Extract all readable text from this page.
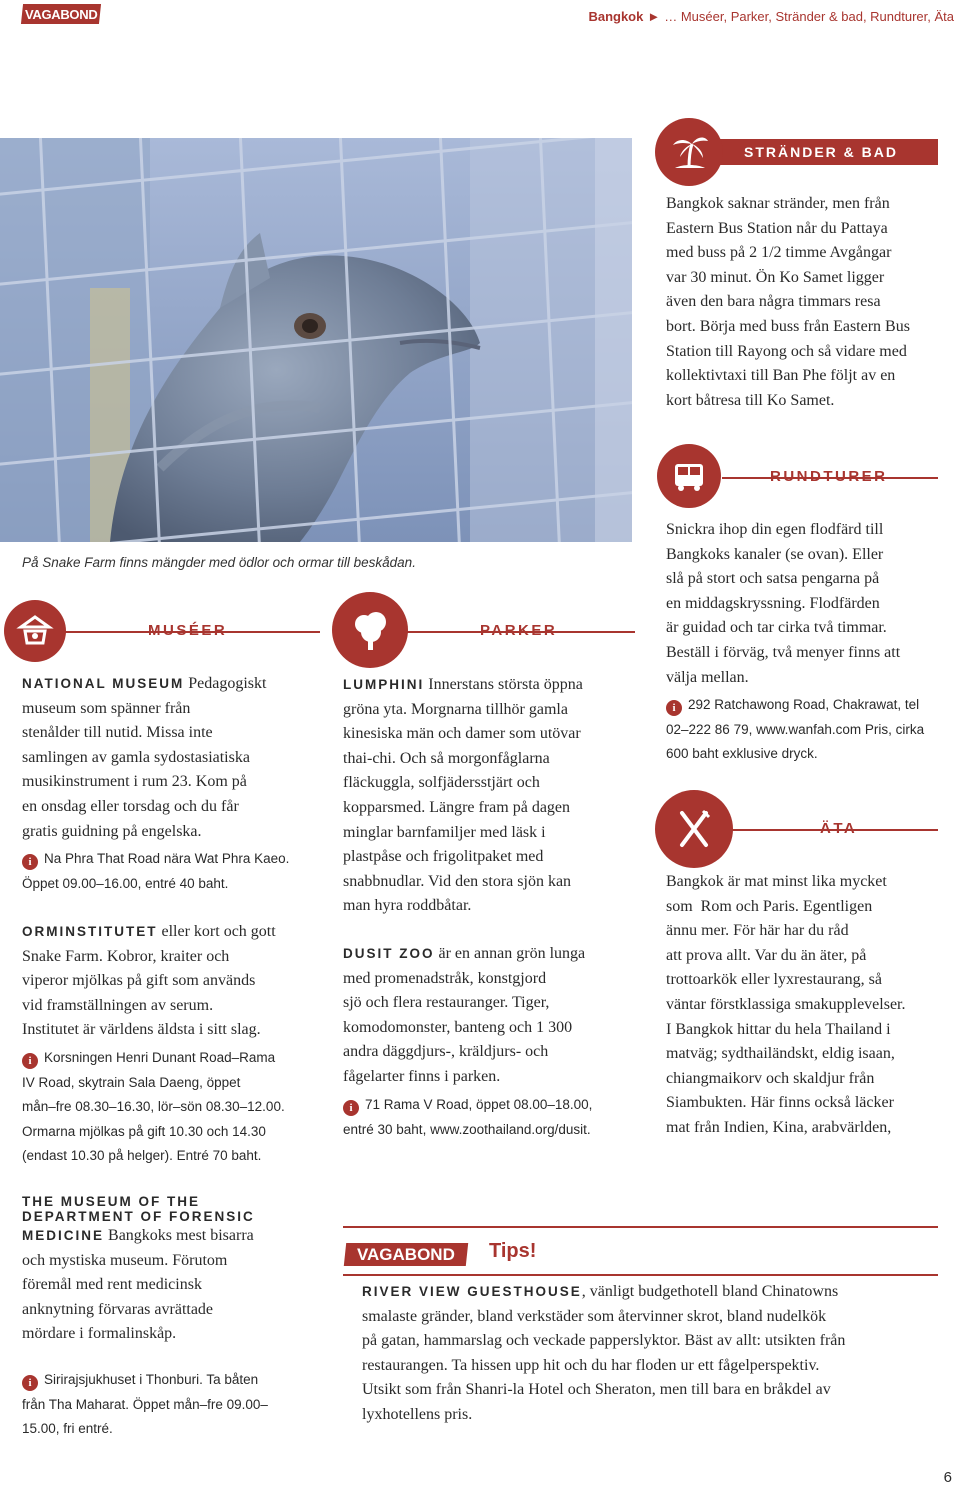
VAGABOND	Bangkok ► … Muséer, Parker, Stränder & bad, Rundturer, Äta
På Snake Farm finns mängder med ödlor och ormar till beskådan.
STRÄNDER & BAD
Bangkok saknar stränder, men från
Eastern Bus Station når du Pattaya
med buss på 2 1/2 timme Avgångar
var 30 minut. Ön Ko Samet ligger
även den bara några timmars resa
bort. Börja med buss från Eastern Bus
Station till Rayong och så vidare med
kollektivtaxi till Ban Phe följt av en
kort båtresa till Ko Samet.
RUNDTURER
Snickra ihop din egen flodfärd till
Bangkoks kanaler (se ovan). Eller
slå på stort och satsa pengarna på
en middagskryssning. Flodfärden
är guidad och tar cirka två timmar.
Beställ i förväg, två menyer finns att
välja mellan.
i 292 Ratchawong Road, Chakrawat, tel
02–222 86 79, www.wanfah.com Pris, cirka
600 baht exklusive dryck.
ÄTA
Bangkok är mat minst lika mycket
som  Rom och Paris. Egentligen
ännu mer. För här har du råd
att prova allt. Var du än äter, på
trottoarkök eller lyxrestaurang, så
väntar förstklassiga smakupplevelser.
I Bangkok hittar du hela Thailand i
matväg; sydthailändskt, eldig isaan,
chiangmaikorv och skaldjur från
Siambukten. Här finns också läcker
mat från Indien, Kina, arabvärlden,
MUSÉER
NATIONAL MUSEUM Pedagogiskt
museum som spänner från
stenålder till nutid. Missa inte
samlingen av gamla sydostasiatiska
musikinstrument i rum 23. Kom på
en onsdag eller torsdag och du får
gratis guidning på engelska.
i Na Phra That Road nära Wat Phra Kaeo.
Öppet 09.00–16.00, entré 40 baht.
ORMINSTITUTET eller kort och gott
Snake Farm. Kobror, kraiter och
viperor mjölkas på gift som används
vid framställningen av serum.
Institutet är världens äldsta i sitt slag.
i Korsningen Henri Dunant Road–Rama
IV Road, skytrain Sala Daeng, öppet
mån–fre 08.30–16.30, lör–sön 08.30–12.00.
Ormarna mjölkas på gift 10.30 och 14.30
(endast 10.30 på helger). Entré 70 baht.
THE MUSEUM OF THE
DEPARTMENT OF FORENSIC
MEDICINE Bangkoks mest bisarra
och mystiska museum. Förutom
föremål med rent medicinsk
anknytning förvaras avrättade
mördare i formalinskåp.
i Sirirajsjukhuset i Thonburi. Ta båten
från Tha Maharat. Öppet mån–fre 09.00–
15.00, fri entré.
PARKER
LUMPHINI Innerstans största öppna
gröna yta. Morgnarna tillhör gamla
kinesiska män och damer som utövar
thai-chi. Och så morgonfåglarna
fläckuggla, solfjädersstjärt och
kopparsmed. Längre fram på dagen
minglar barnfamiljer med läsk i
plastpåse och frigolitpaket med
snabbnudlar. Vid den stora sjön kan
man hyra roddbåtar.
DUSIT ZOO är en annan grön lunga
med promenadstråk, konstgjord
sjö och flera restauranger. Tiger,
komodomonster, banteng och 1 300
andra däggdjurs-, kräldjurs- och
fågelarter finns i parken.
i 71 Rama V Road, öppet 08.00–18.00,
entré 30 baht, www.zoothailand.org/dusit.
VAGABOND Tips!
RIVER VIEW GUESTHOUSE, vänligt budgethotell bland Chinatowns
smalaste gränder, bland verkstäder som återvinner skrot, bland nudelkök
på gatan, hammarslag och veckade papperslyktor. Bäst av allt: utsikten från
restaurangen. Ta hissen upp hit och du har floden ur ett fågelperspektiv.
Utsikt som från Shanri-la Hotel och Sheraton, men till bara en bråkdel av
lyxhotellens pris.
6
